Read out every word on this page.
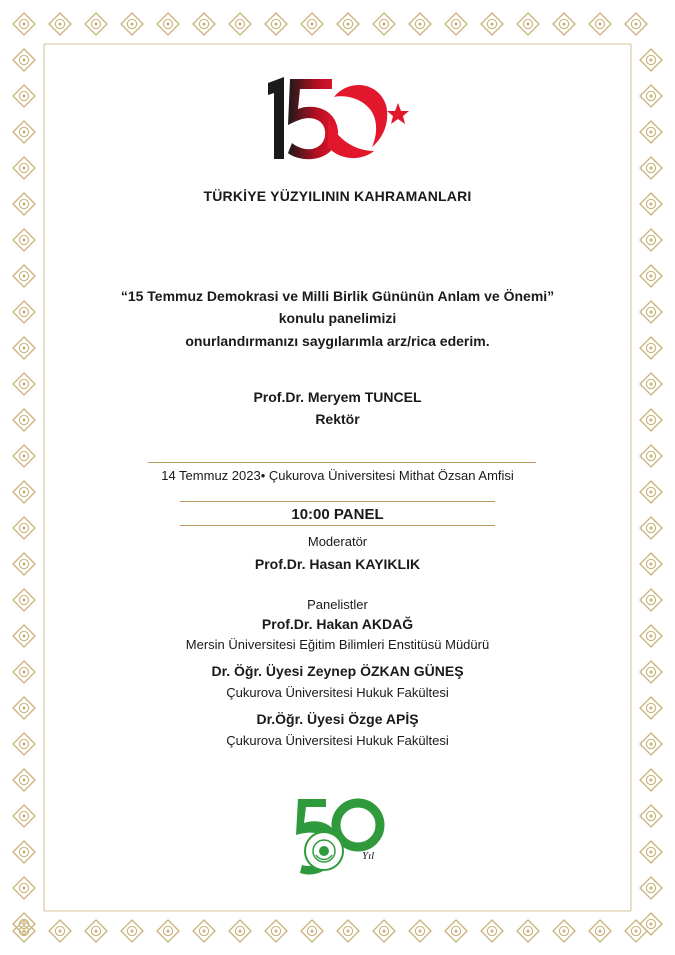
TEMMUZ
TÜRKİYE YÜZYILININ KAHRAMANLARI
“15 Temmuz Demokrasi ve Milli Birlik Gününün Anlam ve Önemi”
konulu panelimizi
onurlandırmanızı saygılarımla arz/rica ederim.
Prof.Dr. Meryem TUNCEL
Rektör
14 Temmuz 2023• Çukurova Üniversitesi Mithat Özsan Amfisi
10:00 PANEL
Moderatör
Prof.Dr. Hasan KAYIKLIK
Panelistler
Prof.Dr. Hakan AKDAĞ
Mersin Üniversitesi Eğitim Bilimleri Enstitüsü Müdürü
Dr. Öğr. Üyesi Zeynep ÖZKAN GÜNEŞ
Çukurova Üniversitesi Hukuk Fakültesi
Dr.Öğr. Üyesi Özge APİŞ
Çukurova Üniversitesi Hukuk Fakültesi
Yıl
